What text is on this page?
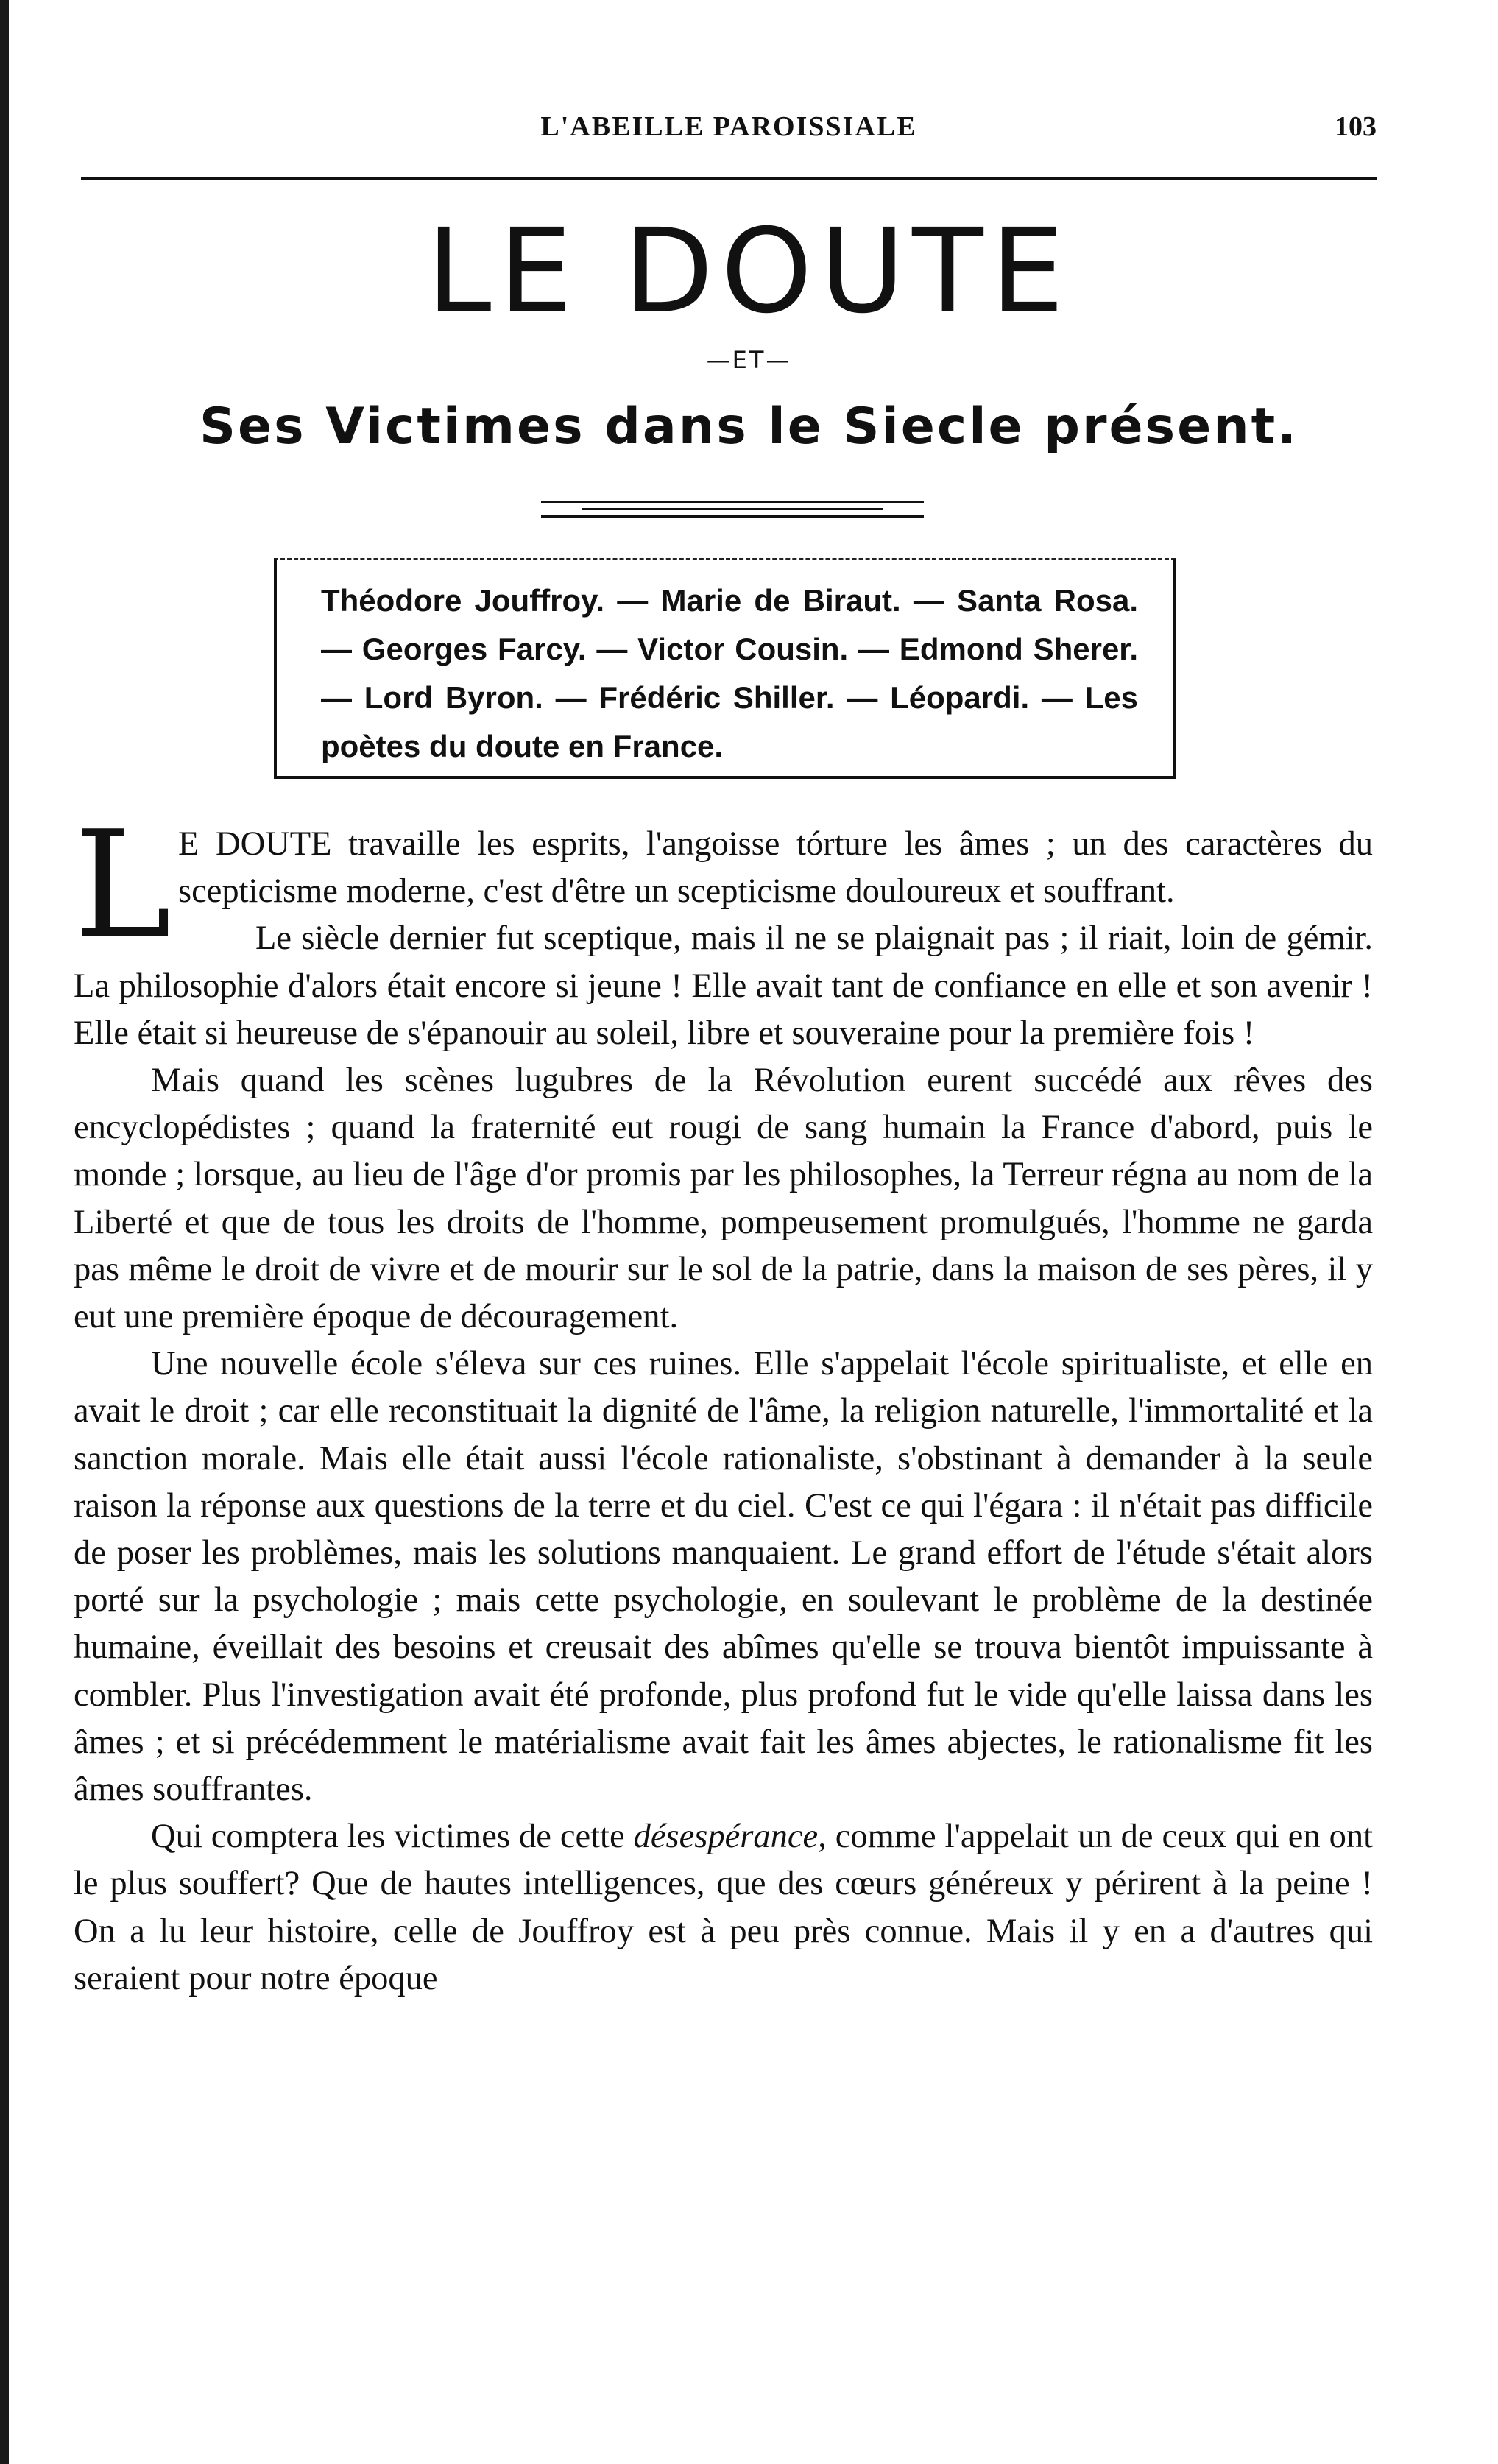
L'ABEILLE PAROISSIALE	103
LE DOUTE
—ET—
Ses Victimes dans le Siecle présent.
Théodore Jouffroy. — Marie de Biraut. — Santa Rosa. — Georges Farcy. — Victor Cousin. — Edmond Sherer. — Lord Byron. — Frédéric Shiller. — Léopardi. — Les poètes du doute en France.

L E DOUTE travaille les esprits, l'angoisse tórture les âmes ; un des caractères du scepticisme moderne, c'est d'être un scepticisme douloureux et souffrant.

Le siècle dernier fut sceptique, mais il ne se plaignait pas ; il riait, loin de gémir. La philosophie d'alors était encore si jeune ! Elle avait tant de confiance en elle et son avenir ! Elle était si heureuse de s'épanouir au soleil, libre et souveraine pour la première fois !

Mais quand les scènes lugubres de la Révolution eurent succédé aux rêves des encyclopédistes ; quand la fraternité eut rougi de sang humain la France d'abord, puis le monde ; lorsque, au lieu de l'âge d'or promis par les philosophes, la Terreur régna au nom de la Liberté et que de tous les droits de l'homme, pompeusement promulgués, l'homme ne garda pas même le droit de vivre et de mourir sur le sol de la patrie, dans la maison de ses pères, il y eut une première époque de découragement.

Une nouvelle école s'éleva sur ces ruines. Elle s'appelait l'école spiritualiste, et elle en avait le droit ; car elle reconstituait la dignité de l'âme, la religion naturelle, l'immortalité et la sanction morale. Mais elle était aussi l'école rationaliste, s'obstinant à demander à la seule raison la réponse aux questions de la terre et du ciel. C'est ce qui l'égara : il n'était pas difficile de poser les problèmes, mais les solutions manquaient. Le grand effort de l'étude s'était alors porté sur la psychologie ; mais cette psychologie, en soulevant le problème de la destinée humaine, éveillait des besoins et creusait des abîmes qu'elle se trouva bientôt impuissante à combler. Plus l'investigation avait été profonde, plus profond fut le vide qu'elle laissa dans les âmes ; et si précédemment le matérialisme avait fait les âmes abjectes, le rationalisme fit les âmes souffrantes.

Qui comptera les victimes de cette désespérance, comme l'appelait un de ceux qui en ont le plus souffert? Que de hautes intelligences, que des cœurs généreux y périrent à la peine ! On a lu leur histoire, celle de Jouffroy est à peu près connue. Mais il y en a d'autres qui seraient pour notre époque
